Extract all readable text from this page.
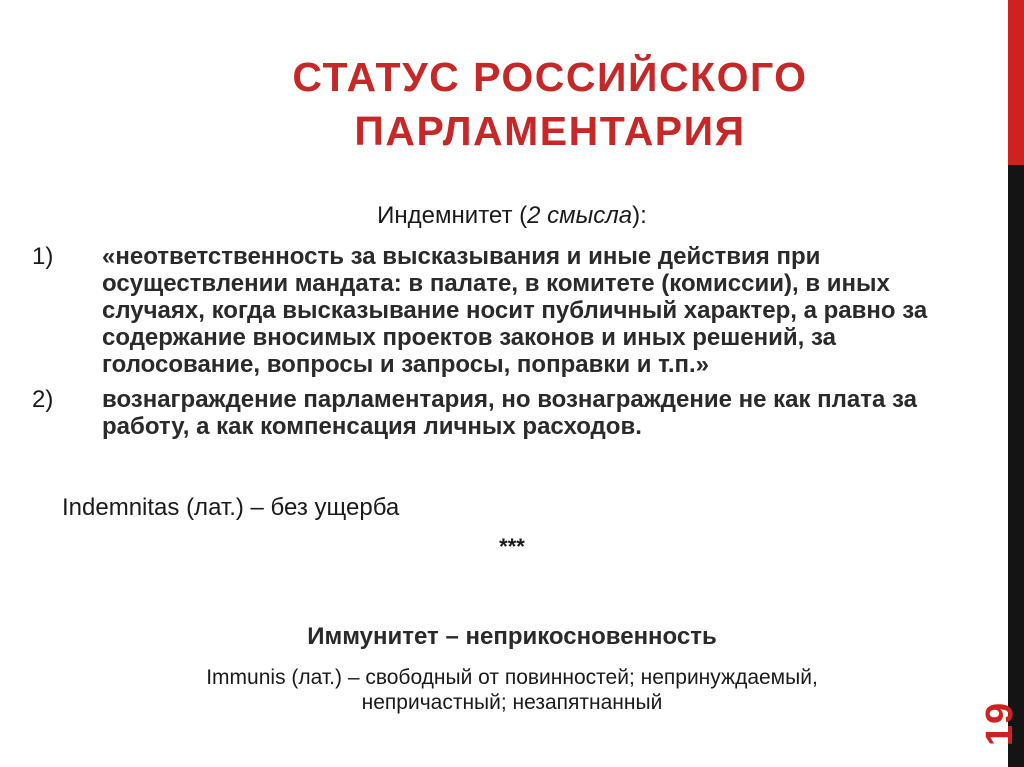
19
СТАТУС РОССИЙСКОГО
ПАРЛАМЕНТАРИЯ
Индемнитет (2 смысла):
1)	«неответственность за высказывания и иные действия при осуществлении мандата: в палате, в комитете (комиссии), в иных случаях, когда высказывание носит публичный характер, а равно за содержание вносимых проектов законов и иных решений, за голосование, вопросы и запросы, поправки и т.п.»
2)	вознаграждение парламентария, но вознаграждение не как плата за работу, а как компенсация личных расходов.
Indemnitas (лат.) – без ущерба
***
Иммунитет – неприкосновенность
Immunis (лат.) – свободный от повинностей; непринуждаемый,
непричастный; незапятнанный
